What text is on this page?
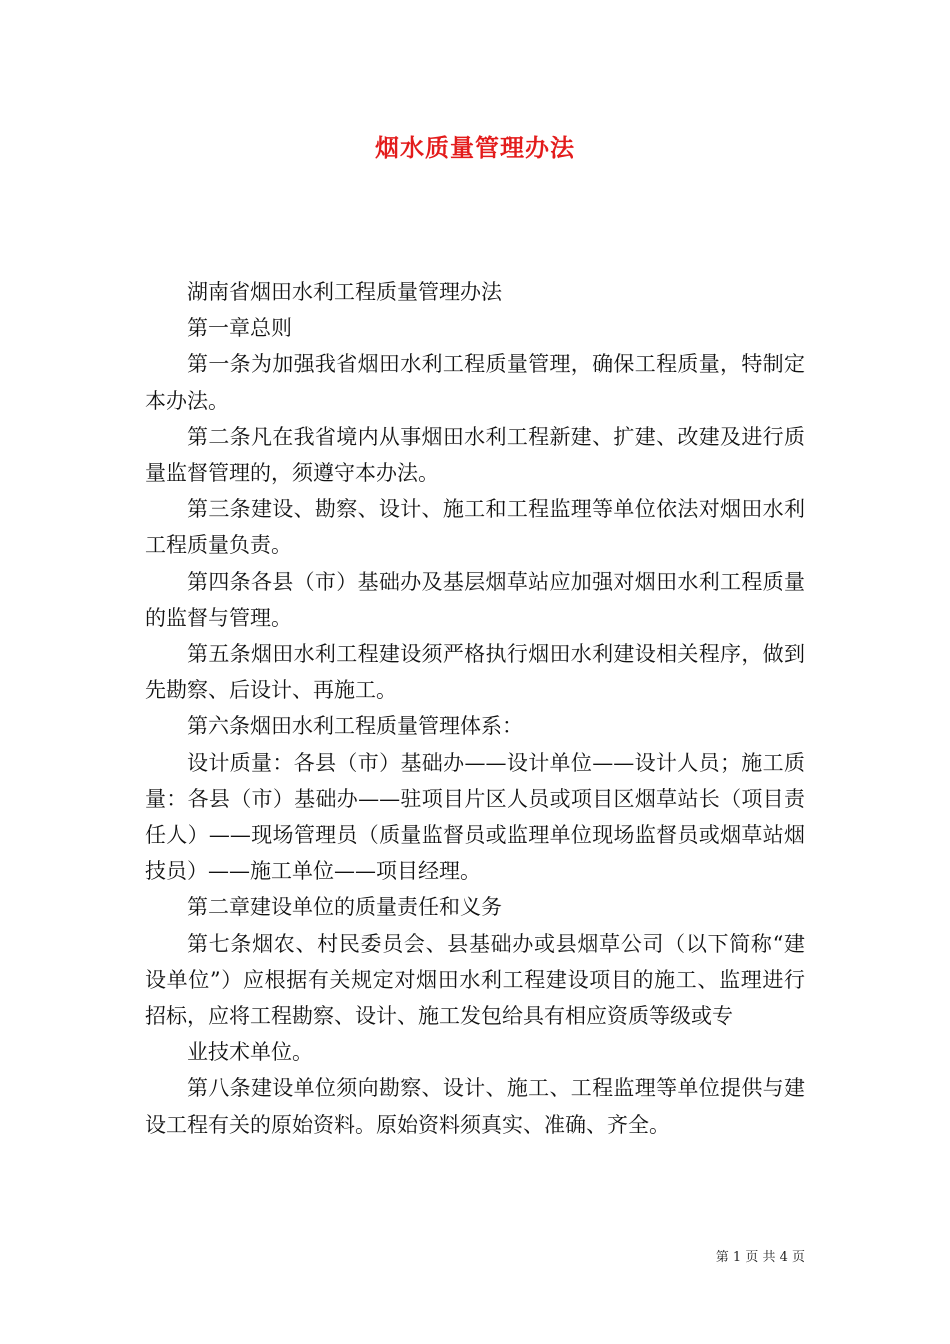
烟水质量管理办法

湖南省烟田水利工程质量管理办法

第一章总则

第一条为加强我省烟田水利工程质量管理，确保工程质量，特制定本办法。

第二条凡在我省境内从事烟田水利工程新建、扩建、改建及进行质量监督管理的，须遵守本办法。

第三条建设、勘察、设计、施工和工程监理等单位依法对烟田水利工程质量负责。

第四条各县（市）基础办及基层烟草站应加强对烟田水利工程质量的监督与管理。

第五条烟田水利工程建设须严格执行烟田水利建设相关程序，做到先勘察、后设计、再施工。

第六条烟田水利工程质量管理体系：

设计质量：各县（市）基础办——设计单位——设计人员；施工质量：各县（市）基础办——驻项目片区人员或项目区烟草站长（项目责任人）——现场管理员（质量监督员或监理单位现场监督员或烟草站烟技员）——施工单位——项目经理。

第二章建设单位的质量责任和义务

第七条烟农、村民委员会、县基础办或县烟草公司（以下简称“建设单位”）应根据有关规定对烟田水利工程建设项目的施工、监理进行招标，应将工程勘察、设计、施工发包给具有相应资质等级或专

业技术单位。

第八条建设单位须向勘察、设计、施工、工程监理等单位提供与建设工程有关的原始资料。原始资料须真实、准确、齐全。

第 1 页 共 4 页
